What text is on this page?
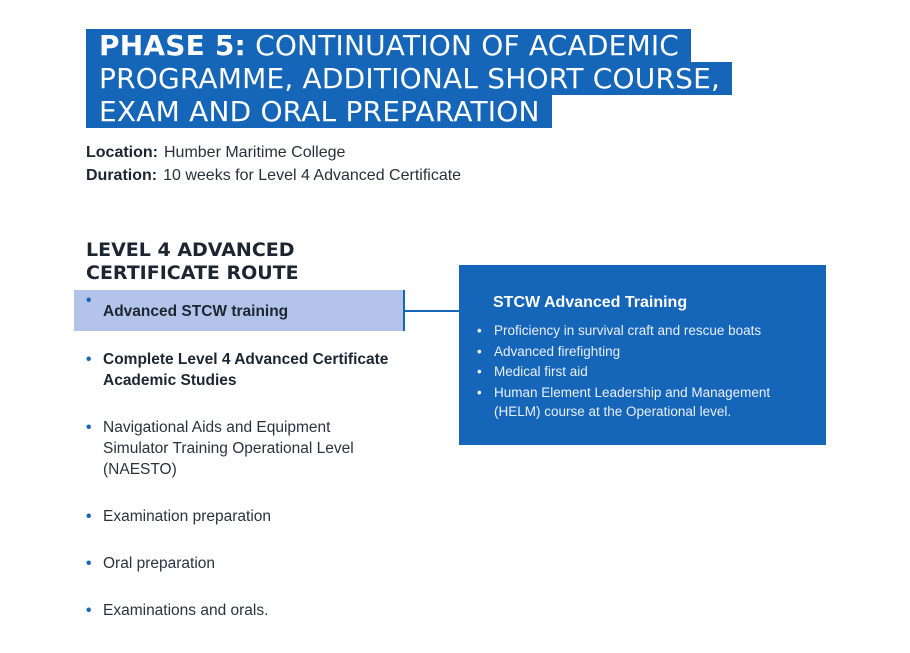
PHASE 5: CONTINUATION OF ACADEMIC
PROGRAMME, ADDITIONAL SHORT COURSE,
EXAM AND ORAL PREPARATION
Location: Humber Maritime College
Duration: 10 weeks for Level 4 Advanced Certificate
LEVEL 4 ADVANCED
CERTIFICATE ROUTE
•
Advanced STCW training
• Complete Level 4 Advanced Certificate Academic Studies
• Navigational Aids and Equipment Simulator Training Operational Level (NAESTO)
• Examination preparation
• Oral preparation
• Examinations and orals.
STCW Advanced Training
• Proficiency in survival craft and rescue boats
• Advanced firefighting
• Medical first aid
• Human Element Leadership and Management (HELM) course at the Operational level.
